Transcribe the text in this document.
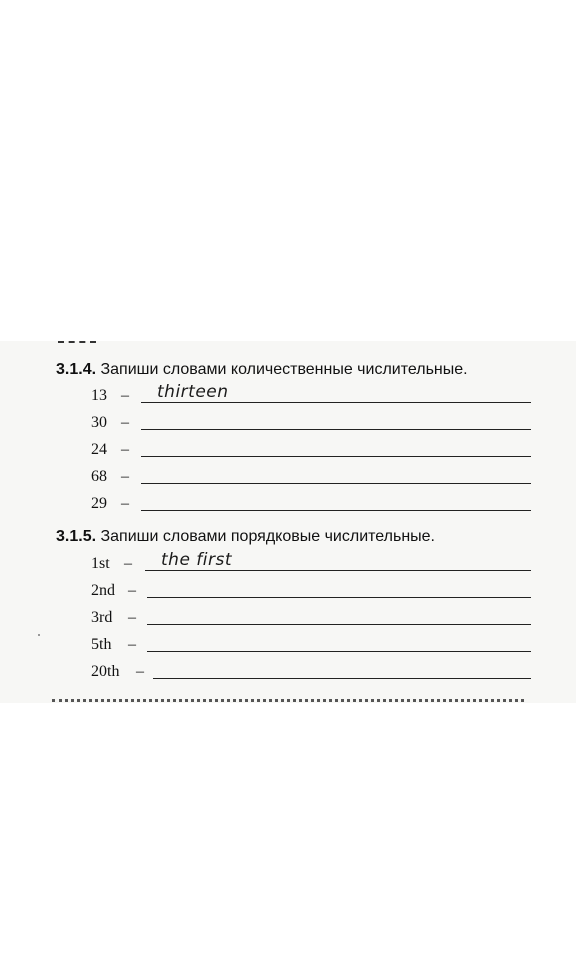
3.1.4. Запиши словами количественные числительные.
13 – thirteen
30 –
24 –
68 –
29 –
3.1.5. Запиши словами порядковые числительные.
1st – the first
2nd –
3rd –
5th –
20th –
